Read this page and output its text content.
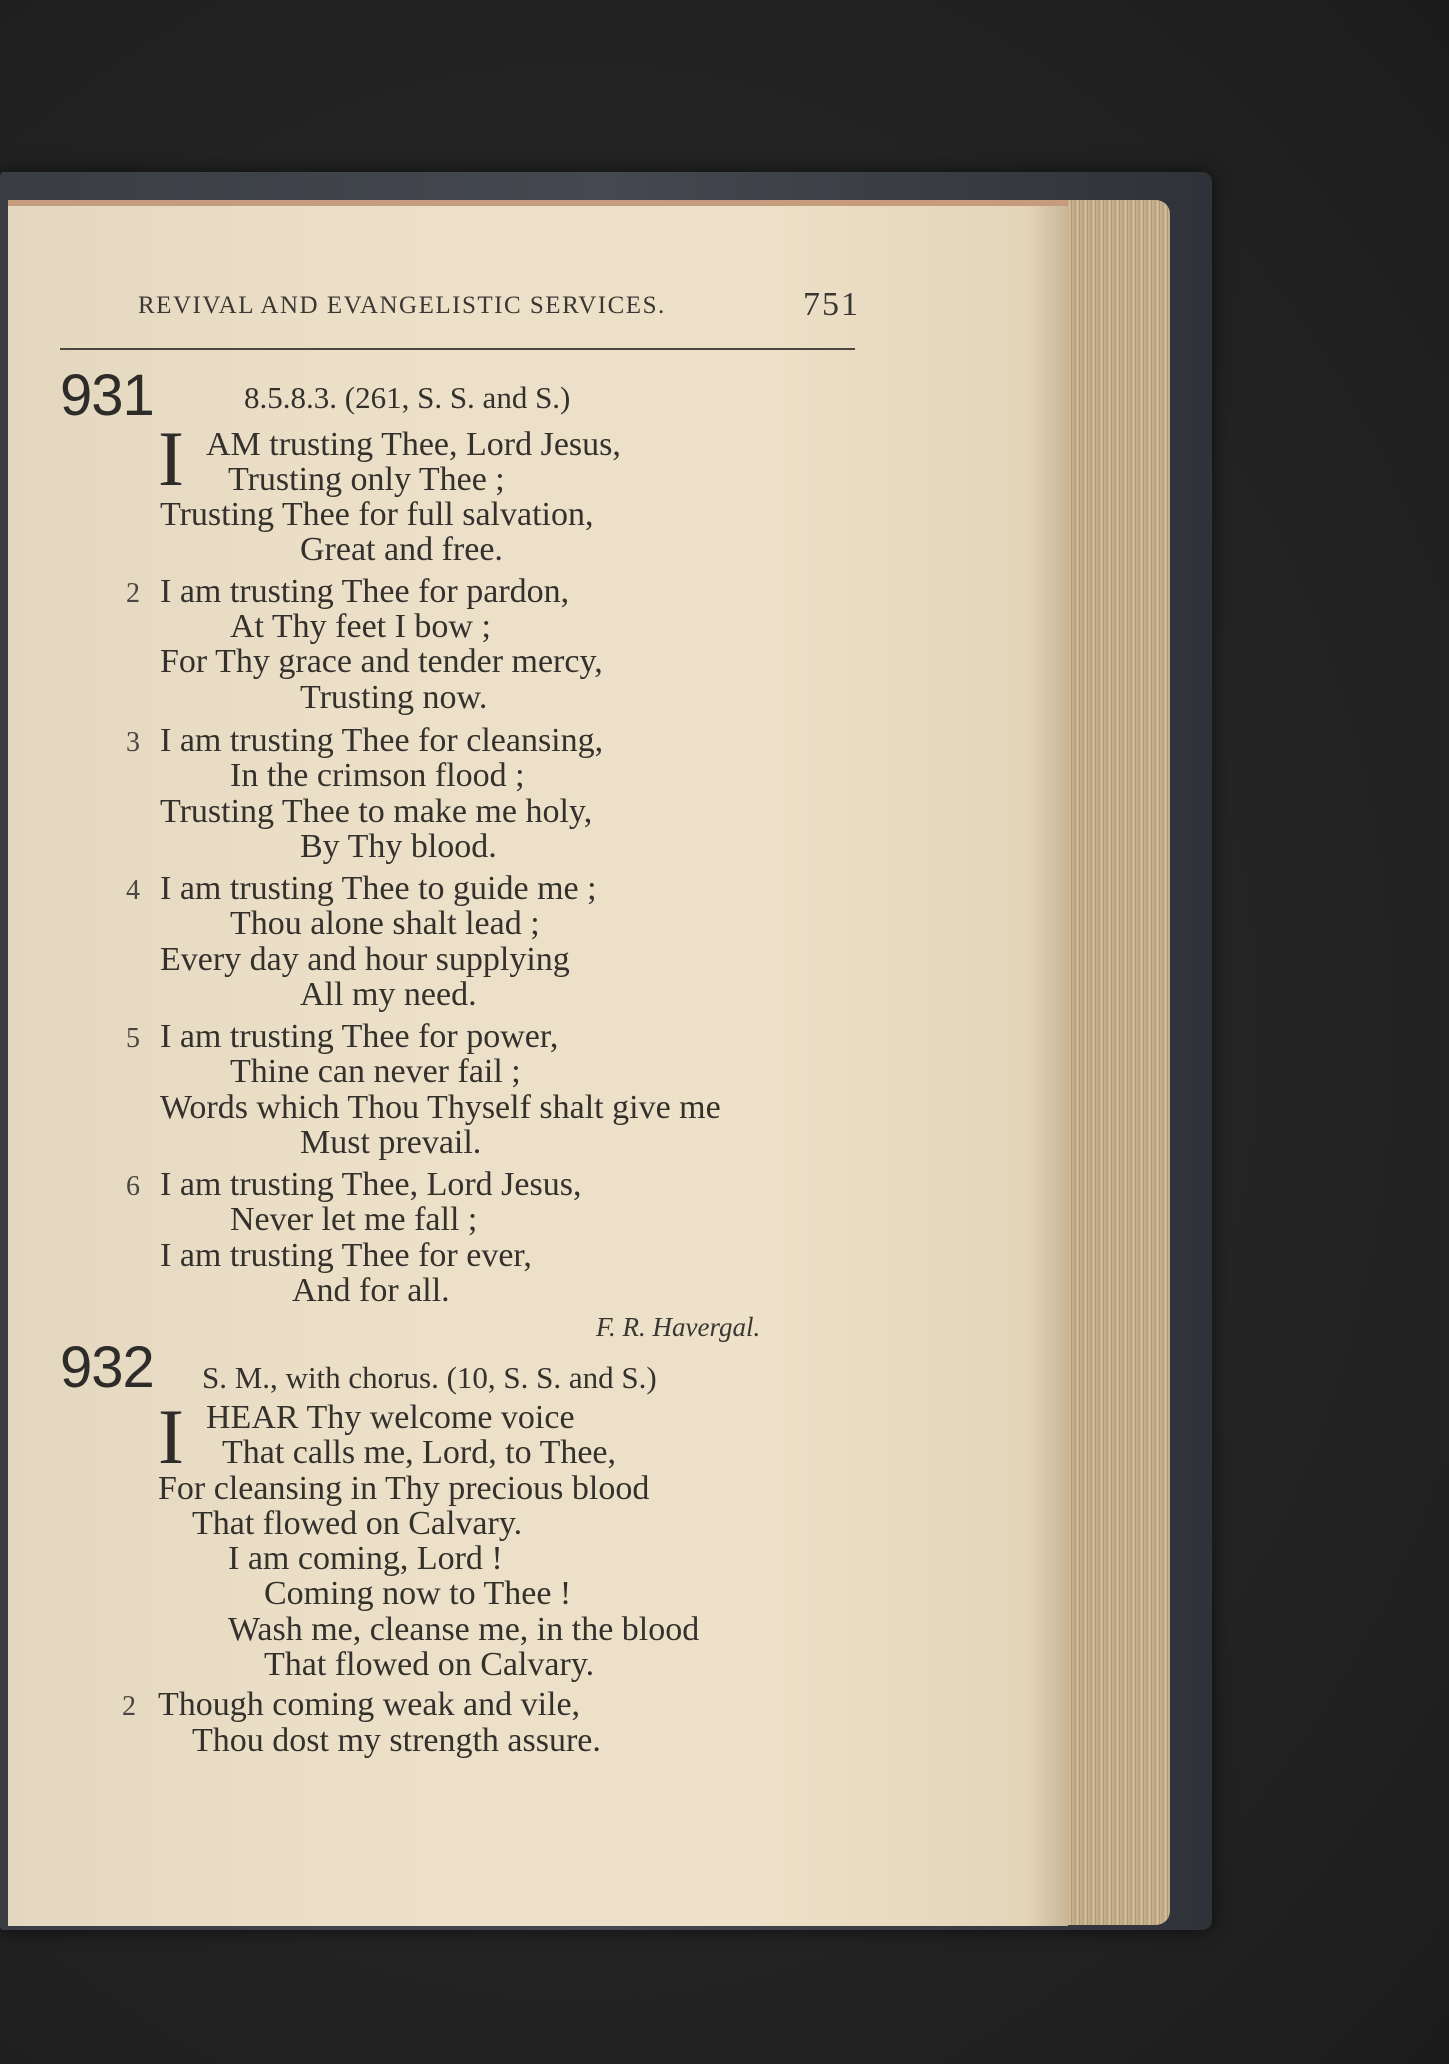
REVIVAL AND EVANGELISTIC SERVICES.	751
931	8.5.8.3. (261, S. S. and S.)
I AM trusting Thee, Lord Jesus,
Trusting only Thee ;
Trusting Thee for full salvation,
Great and free.
2 I am trusting Thee for pardon,
At Thy feet I bow ;
For Thy grace and tender mercy,
Trusting now.
3 I am trusting Thee for cleansing,
In the crimson flood ;
Trusting Thee to make me holy,
By Thy blood.
4 I am trusting Thee to guide me ;
Thou alone shalt lead ;
Every day and hour supplying
All my need.
5 I am trusting Thee for power,
Thine can never fail ;
Words which Thou Thyself shalt give me
Must prevail.
6 I am trusting Thee, Lord Jesus,
Never let me fall ;
I am trusting Thee for ever,
And for all.
F. R. Havergal.
932 S. M., with chorus. (10, S. S. and S.)
I HEAR Thy welcome voice
That calls me, Lord, to Thee,
For cleansing in Thy precious blood
That flowed on Calvary.
I am coming, Lord !
Coming now to Thee !
Wash me, cleanse me, in the blood
That flowed on Calvary.
2 Though coming weak and vile,
Thou dost my strength assure.
